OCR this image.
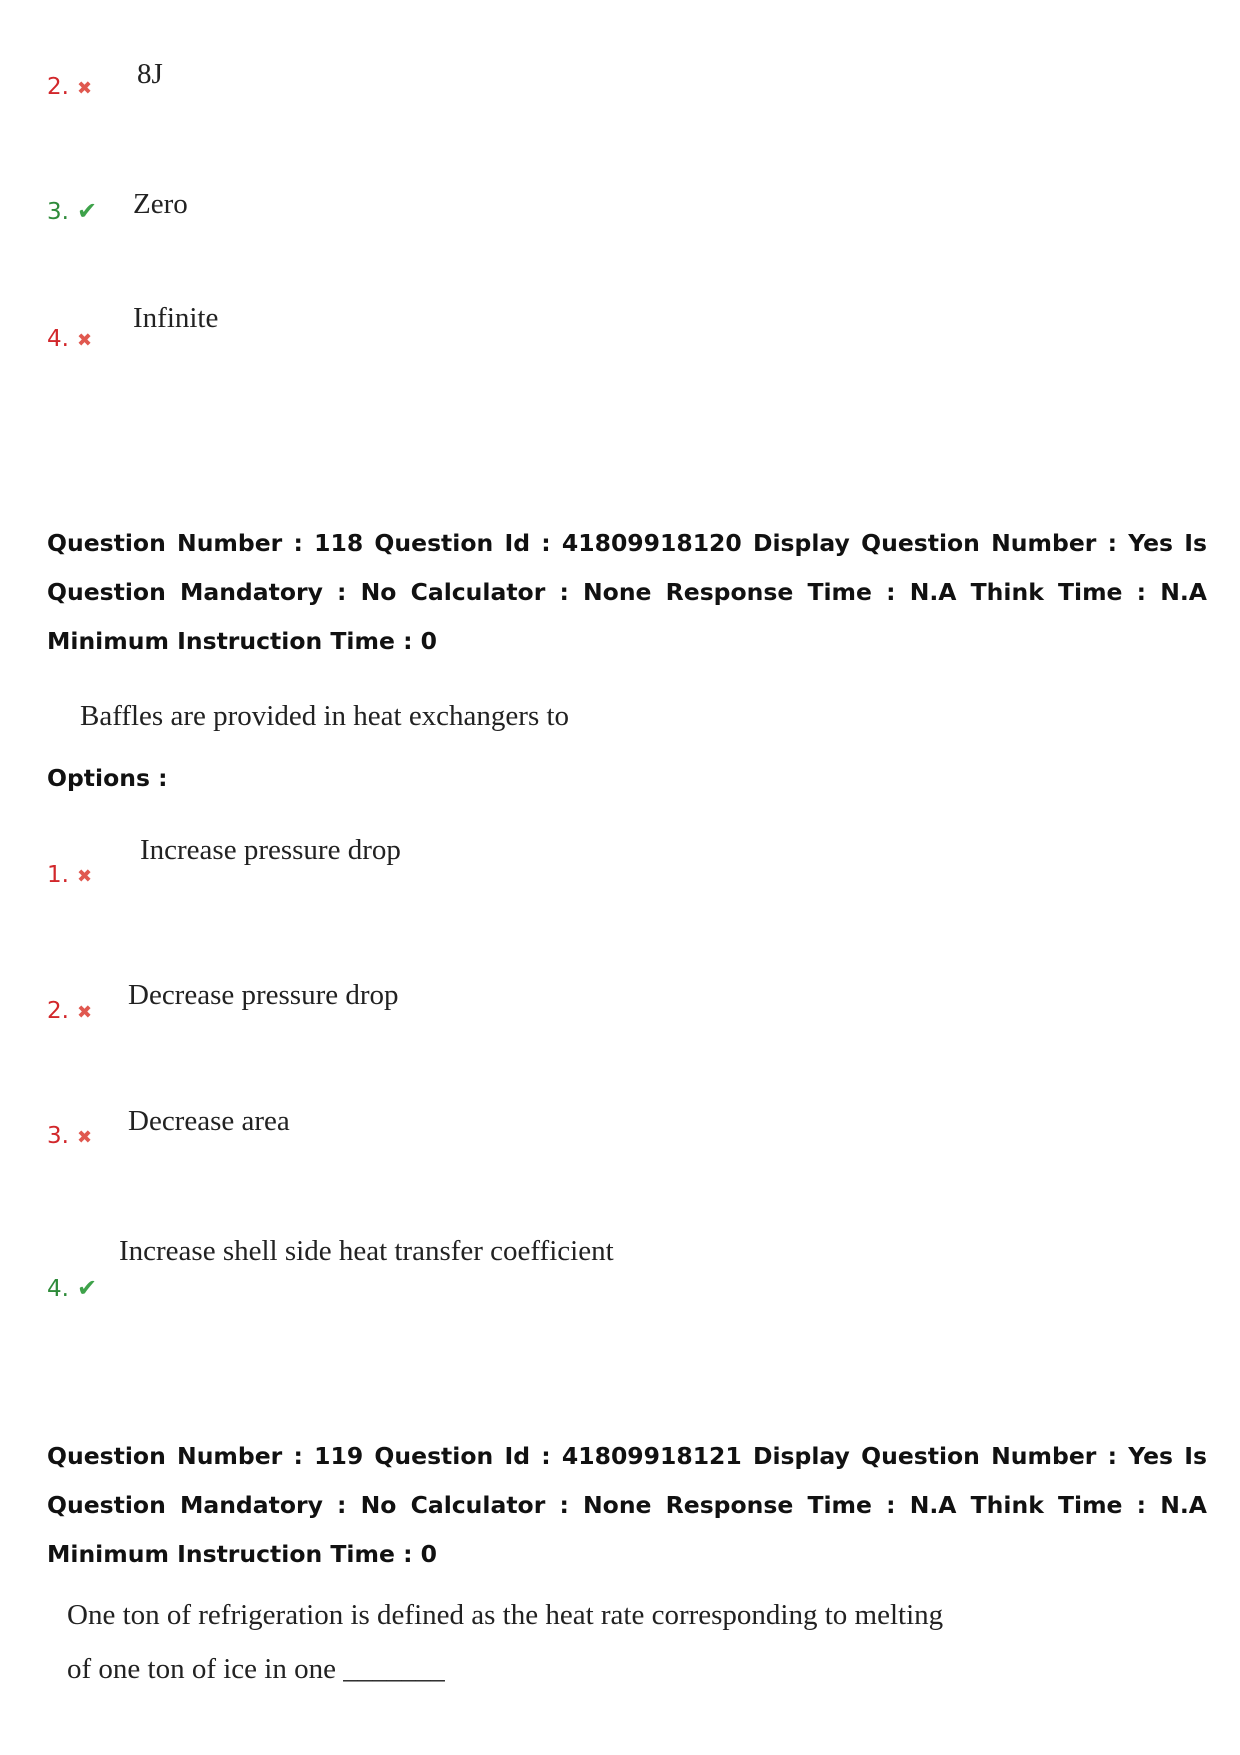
2. ✖ 8J
3. ✔ Zero
4. ✖
Infinite
Question Number : 118 Question Id : 41809918120 Display Question Number : Yes Is Question Mandatory : No Calculator : None Response Time : N.A Think Time : N.A Minimum Instruction Time : 0
Baffles are provided in heat exchangers to
Options :
1. ✖
Increase pressure drop
2. ✖
Decrease pressure drop
3. ✖
Decrease area
4. ✔
Increase shell side heat transfer coefficient
Question Number : 119 Question Id : 41809918121 Display Question Number : Yes Is Question Mandatory : No Calculator : None Response Time : N.A Think Time : N.A Minimum Instruction Time : 0
One ton of refrigeration is defined as the heat rate corresponding to melting
of one ton of ice in one _______
